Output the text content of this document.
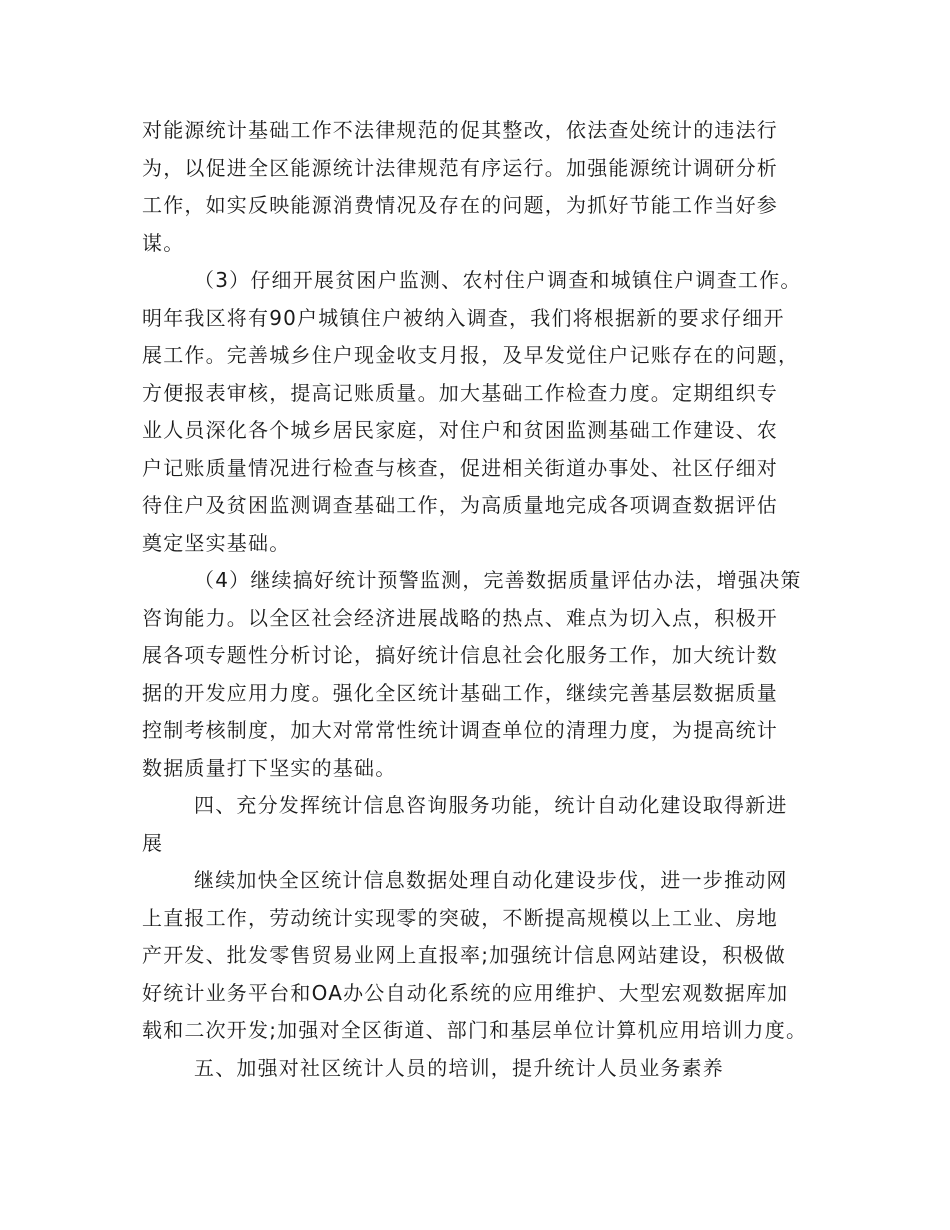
对能源统计基础工作不法律规范的促其整改，依法查处统计的违法行
为，以促进全区能源统计法律规范有序运行。加强能源统计调研分析
工作，如实反映能源消费情况及存在的问题，为抓好节能工作当好参
谋。
（3）仔细开展贫困户监测、农村住户调查和城镇住户调查工作。
明年我区将有90户城镇住户被纳入调查，我们将根据新的要求仔细开
展工作。完善城乡住户现金收支月报，及早发觉住户记账存在的问题，
方便报表审核，提高记账质量。加大基础工作检查力度。定期组织专
业人员深化各个城乡居民家庭，对住户和贫困监测基础工作建设、农
户记账质量情况进行检查与核查，促进相关街道办事处、社区仔细对
待住户及贫困监测调查基础工作，为高质量地完成各项调查数据评估
奠定坚实基础。
（4）继续搞好统计预警监测，完善数据质量评估办法，增强决策
咨询能力。以全区社会经济进展战略的热点、难点为切入点，积极开
展各项专题性分析讨论，搞好统计信息社会化服务工作，加大统计数
据的开发应用力度。强化全区统计基础工作，继续完善基层数据质量
控制考核制度，加大对常常性统计调查单位的清理力度，为提高统计
数据质量打下坚实的基础。
四、充分发挥统计信息咨询服务功能，统计自动化建设取得新进
展
继续加快全区统计信息数据处理自动化建设步伐，进一步推动网
上直报工作，劳动统计实现零的突破，不断提高规模以上工业、房地
产开发、批发零售贸易业网上直报率;加强统计信息网站建设，积极做
好统计业务平台和OA办公自动化系统的应用维护、大型宏观数据库加
载和二次开发;加强对全区街道、部门和基层单位计算机应用培训力度。
五、加强对社区统计人员的培训，提升统计人员业务素养
